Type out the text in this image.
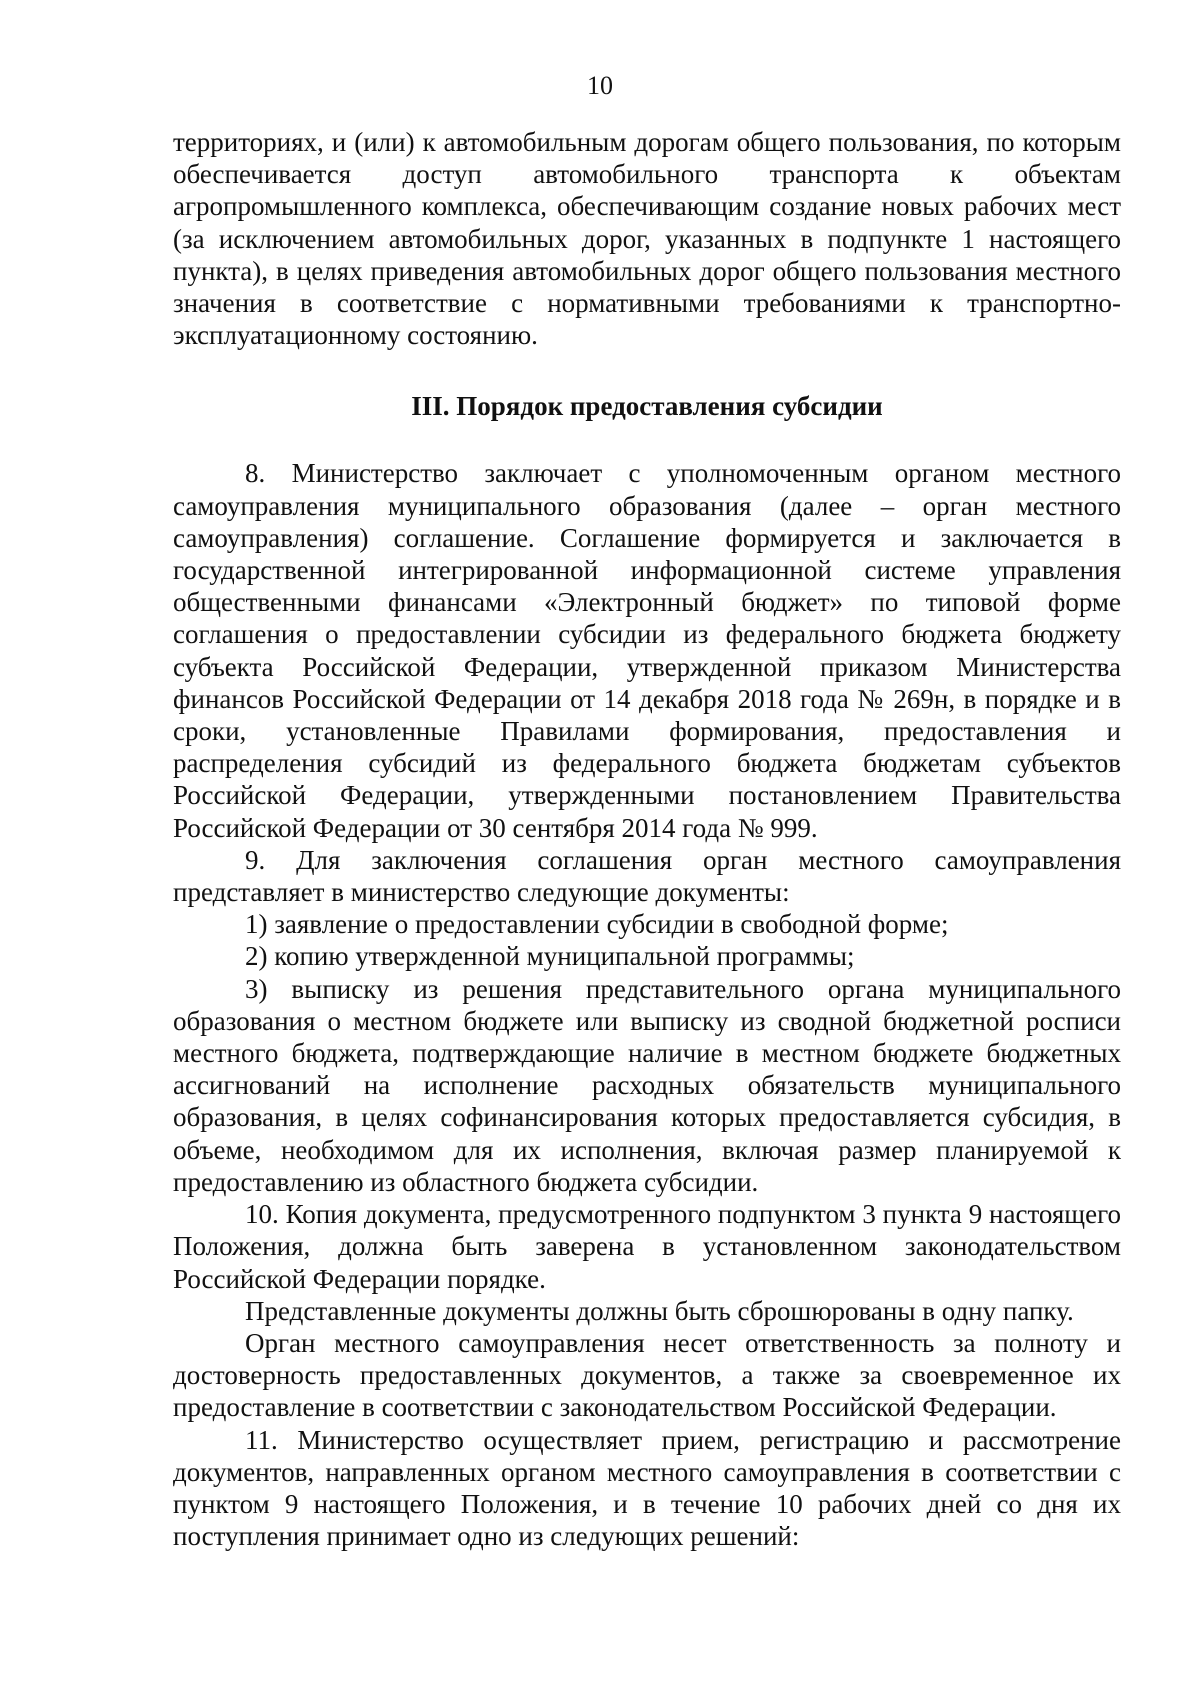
10

территориях, и (или) к автомобильным дорогам общего пользования, по которым обеспечивается доступ автомобильного транспорта к объектам агропромышленного комплекса, обеспечивающим создание новых рабочих мест (за исключением автомобильных дорог, указанных в подпункте 1 настоящего пункта), в целях приведения автомобильных дорог общего пользования местного значения в соответствие с нормативными требованиями к транспортно-эксплуатационному состоянию.

III. Порядок предоставления субсидии

8. Министерство заключает с уполномоченным органом местного самоуправления муниципального образования (далее – орган местного самоуправления) соглашение. Соглашение формируется и заключается в государственной интегрированной информационной системе управления общественными финансами «Электронный бюджет» по типовой форме соглашения о предоставлении субсидии из федерального бюджета бюджету субъекта Российской Федерации, утвержденной приказом Министерства финансов Российской Федерации от 14 декабря 2018 года № 269н, в порядке и в сроки, установленные Правилами формирования, предоставления и распределения субсидий из федерального бюджета бюджетам субъектов Российской Федерации, утвержденными постановлением Правительства Российской Федерации от 30 сентября 2014 года № 999.

9. Для заключения соглашения орган местного самоуправления представляет в министерство следующие документы:

1) заявление о предоставлении субсидии в свободной форме;

2) копию утвержденной муниципальной программы;

3) выписку из решения представительного органа муниципального образования о местном бюджете или выписку из сводной бюджетной росписи местного бюджета, подтверждающие наличие в местном бюджете бюджетных ассигнований на исполнение расходных обязательств муниципального образования, в целях софинансирования которых предоставляется субсидия, в объеме, необходимом для их исполнения, включая размер планируемой к предоставлению из областного бюджета субсидии.

10. Копия документа, предусмотренного подпунктом 3 пункта 9 настоящего Положения, должна быть заверена в установленном законодательством Российской Федерации порядке.

Представленные документы должны быть сброшюрованы в одну папку.

Орган местного самоуправления несет ответственность за полноту и достоверность предоставленных документов, а также за своевременное их предоставление в соответствии с законодательством Российской Федерации.

11. Министерство осуществляет прием, регистрацию и рассмотрение документов, направленных органом местного самоуправления в соответствии с пунктом 9 настоящего Положения, и в течение 10 рабочих дней со дня их поступления принимает одно из следующих решений:
